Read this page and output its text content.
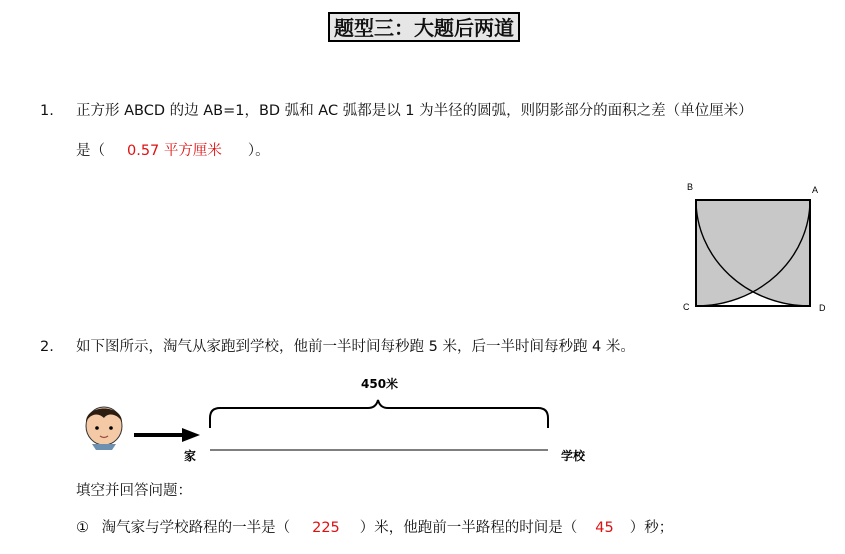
题型三：大题后两道
1. 正方形 ABCD 的边 AB=1，BD 弧和 AC 弧都是以 1 为半径的圆弧，则阴影部分的面积之差（单位厘米）
是（ 0.57 平方厘米 ）。
B	A
C	D
2. 如下图所示，淘气从家跑到学校，他前一半时间每秒跑 5 米，后一半时间每秒跑 4 米。
450米
家	学校
填空并回答问题：
① 淘气家与学校路程的一半是（ 225 ）米，他跑前一半路程的时间是（ 45 ）秒；
